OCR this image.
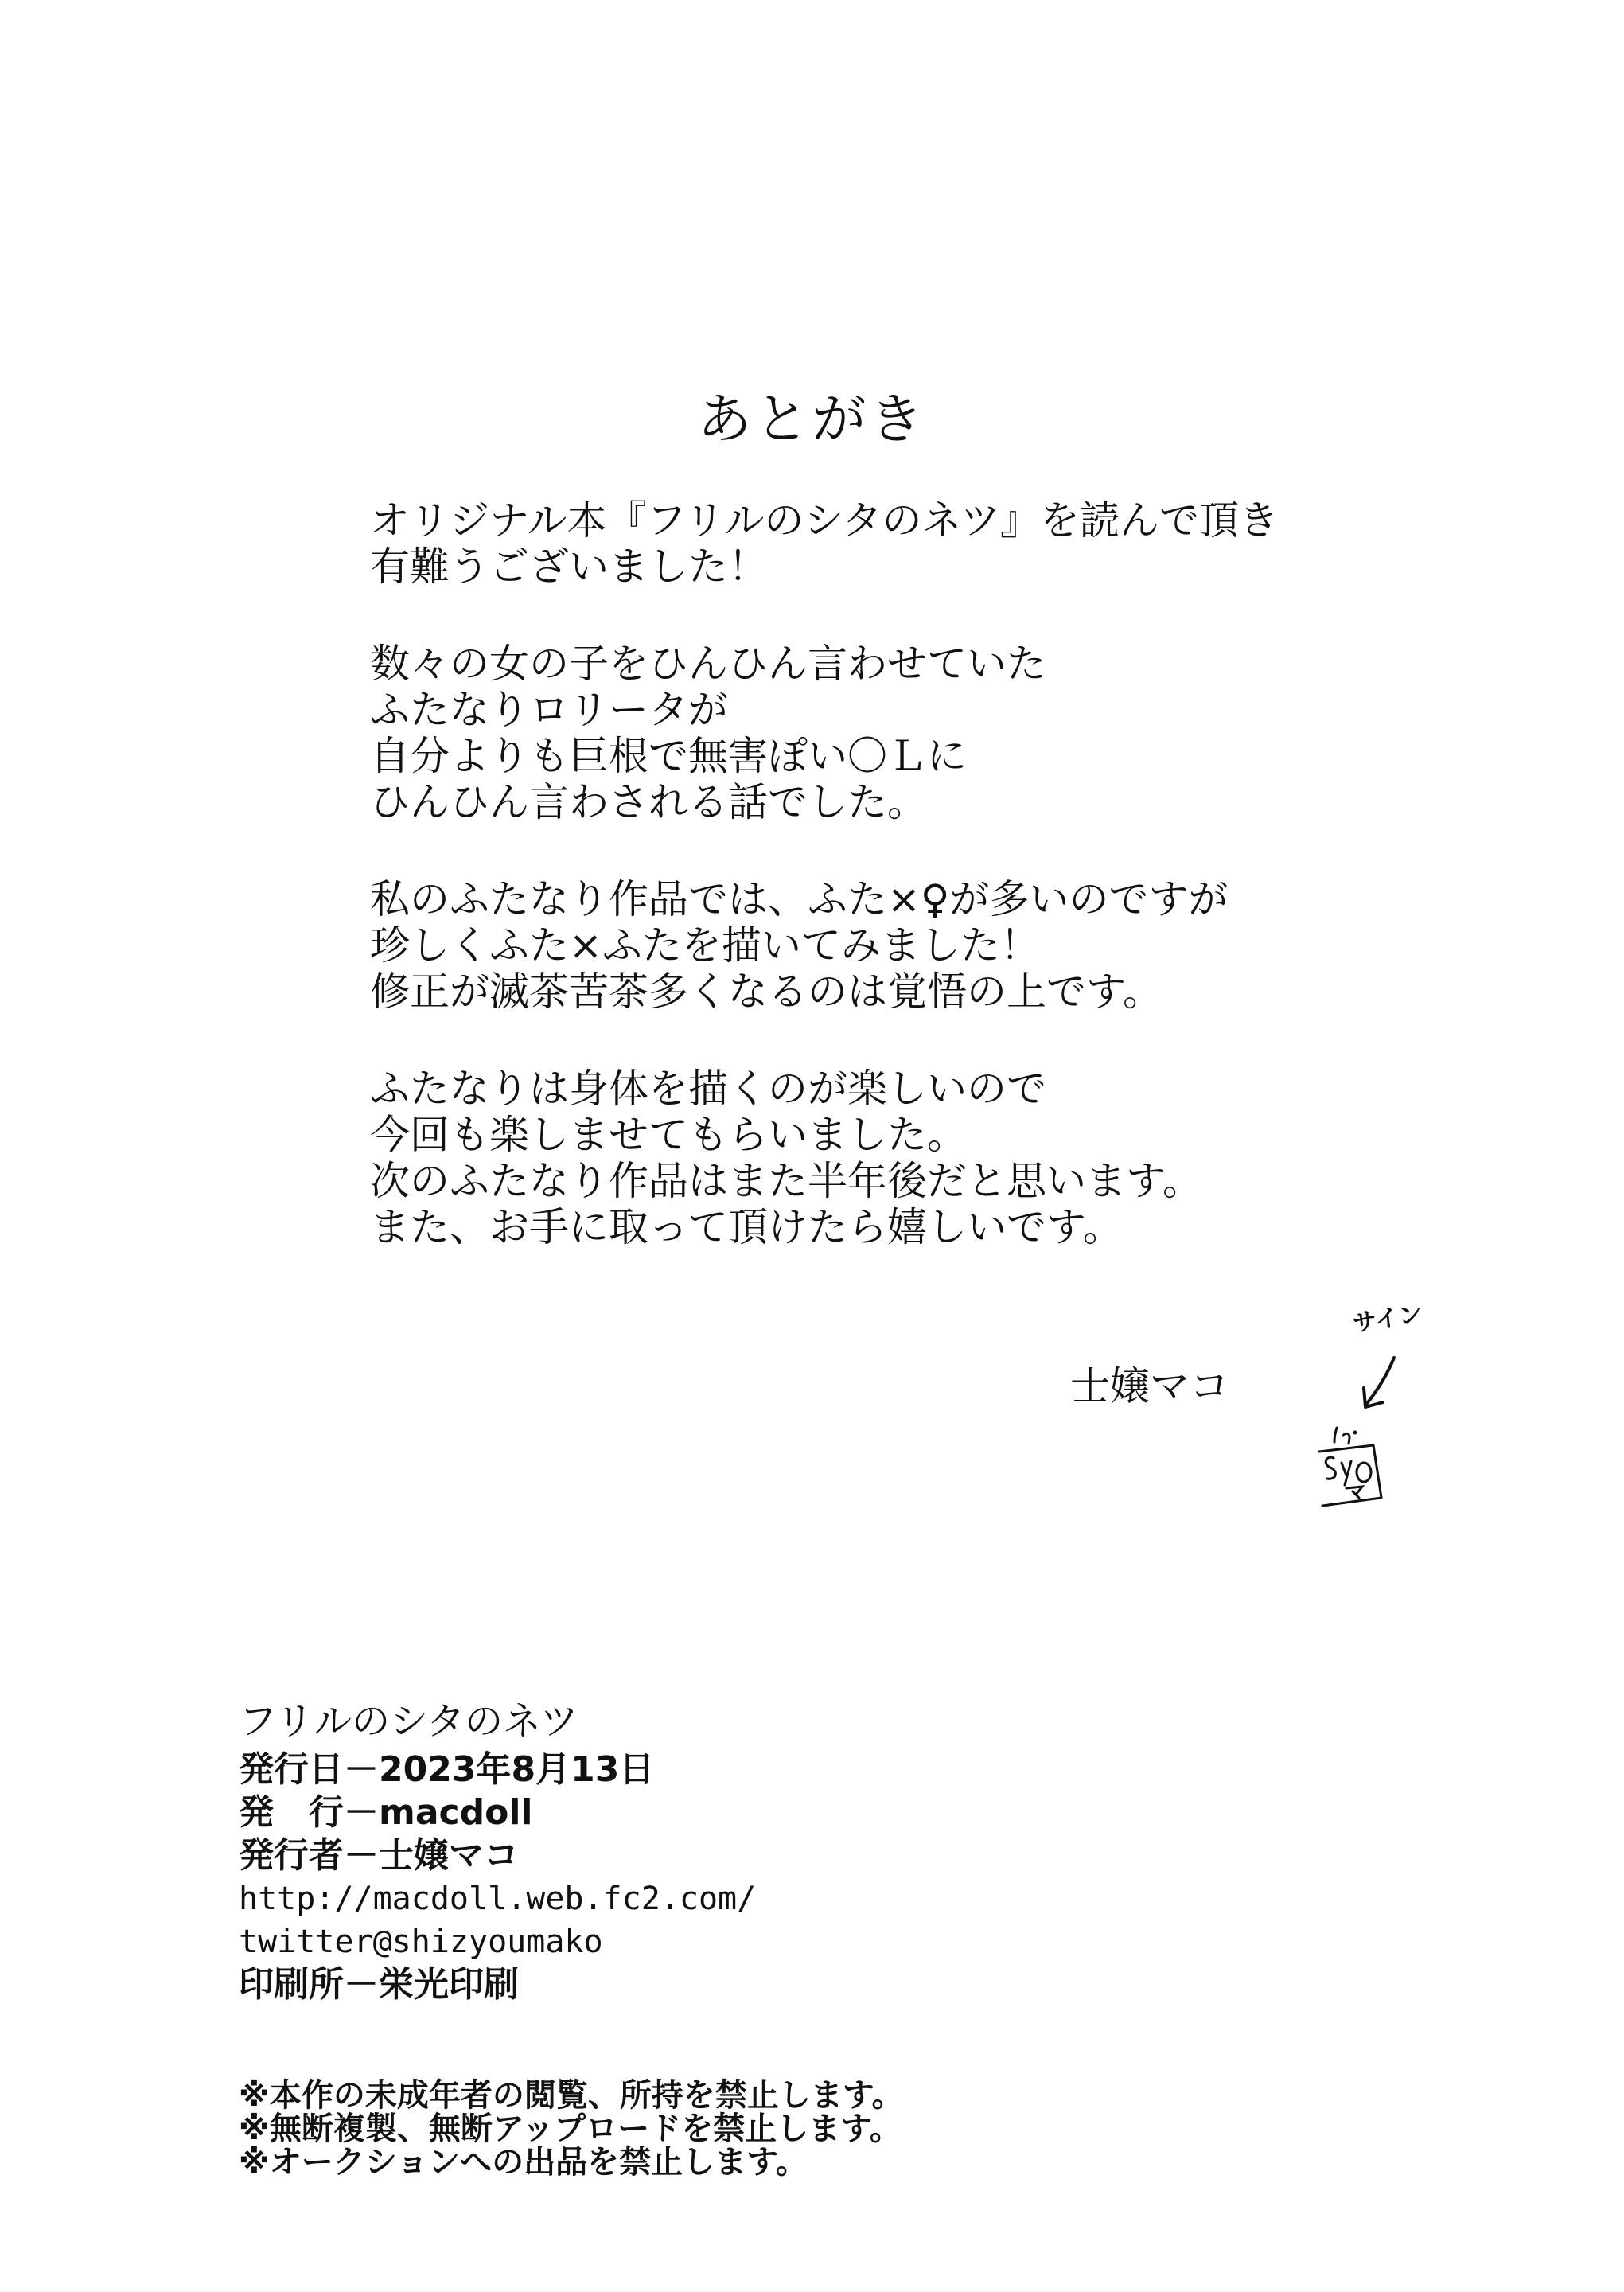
あとがき
オリジナル本『フリルのシタのネツ』を読んで頂き
有難うございました！
数々の女の子をひんひん言わせていた
ふたなりロリータが
自分よりも巨根で無害ぽい〇Ｌに
ひんひん言わされる話でした。
私のふたなり作品では、ふた×♀が多いのですが
珍しくふた×ふたを描いてみました！
修正が滅茶苦茶多くなるのは覚悟の上です。
ふたなりは身体を描くのが楽しいので
今回も楽しませてもらいました。
次のふたなり作品はまた半年後だと思います。
また、お手に取って頂けたら嬉しいです。
士嬢マコ
サイン
フリルのシタのネツ
発行日－2023年8月13日
発　行－macdoll
発行者－士嬢マコ
http://macdoll.web.fc2.com/
twitter@shizyoumako
印刷所－栄光印刷
※本作の未成年者の閲覧、所持を禁止します。
※無断複製、無断アップロードを禁止します。
※オークションへの出品を禁止します。
